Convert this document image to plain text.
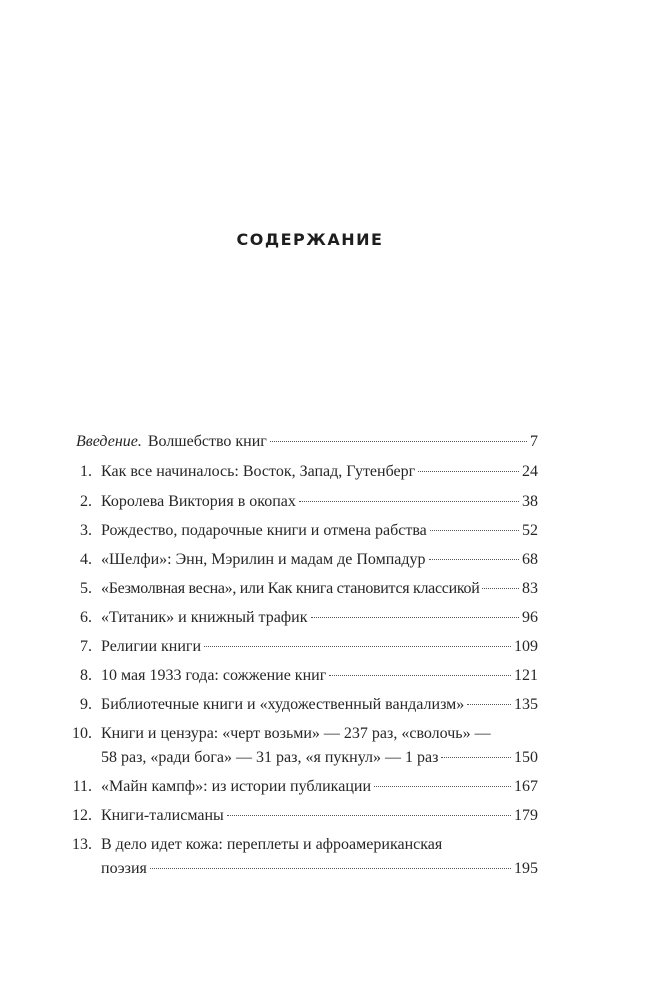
СОДЕРЖАНИЕ
Введение. Волшебство книг	7
1. Как все начиналось: Восток, Запад, Гутенберг	24
2. Королева Виктория в окопах	38
3. Рождество, подарочные книги и отмена рабства	52
4. «Шелфи»: Энн, Мэрилин и мадам де Помпадур	68
5. «Безмолвная весна», или Как книга становится классикой	83
6. «Титаник» и книжный трафик	96
7. Религии книги	109
8. 10 мая 1933 года: сожжение книг	121
9. Библиотечные книги и «художественный вандализм»	135
10. Книги и цензура: «черт возьми» — 237 раз, «сволочь» —
58 раз, «ради бога» — 31 раз, «я пукнул» — 1 раз	150
11. «Майн кампф»: из истории публикации	167
12. Книги-талисманы	179
13. В дело идет кожа: переплеты и афроамериканская
поэзия	195
